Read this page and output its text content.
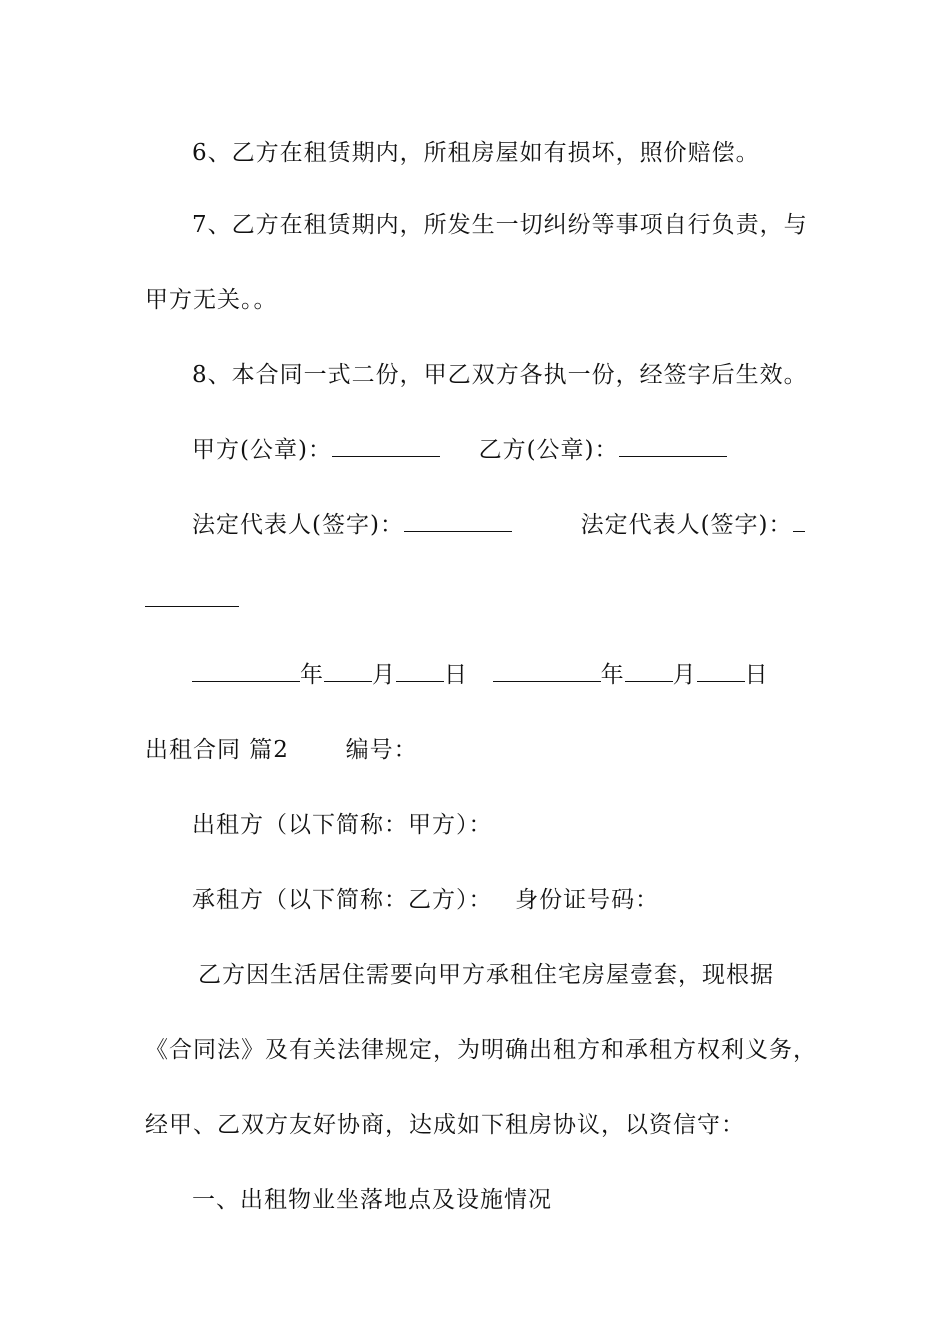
6、乙方在租赁期内，所租房屋如有损坏，照价赔偿。
7、乙方在租赁期内，所发生一切纠纷等事项自行负责，与
甲方无关。。
8、本合同一式二份，甲乙双方各执一份，经签字后生效。
甲方(公章)：	乙方(公章)：
法定代表人(签字)：	法定代表人(签字)：
年 月 日	年 月 日
出租合同 篇2 编号：
出租方（以下简称：甲方）：
承租方（以下简称：乙方）： 身份证号码：
乙方因生活居住需要向甲方承租住宅房屋壹套，现根据
《合同法》及有关法律规定，为明确出租方和承租方权利义务，
经甲、乙双方友好协商，达成如下租房协议，以资信守：
一、出租物业坐落地点及设施情况
